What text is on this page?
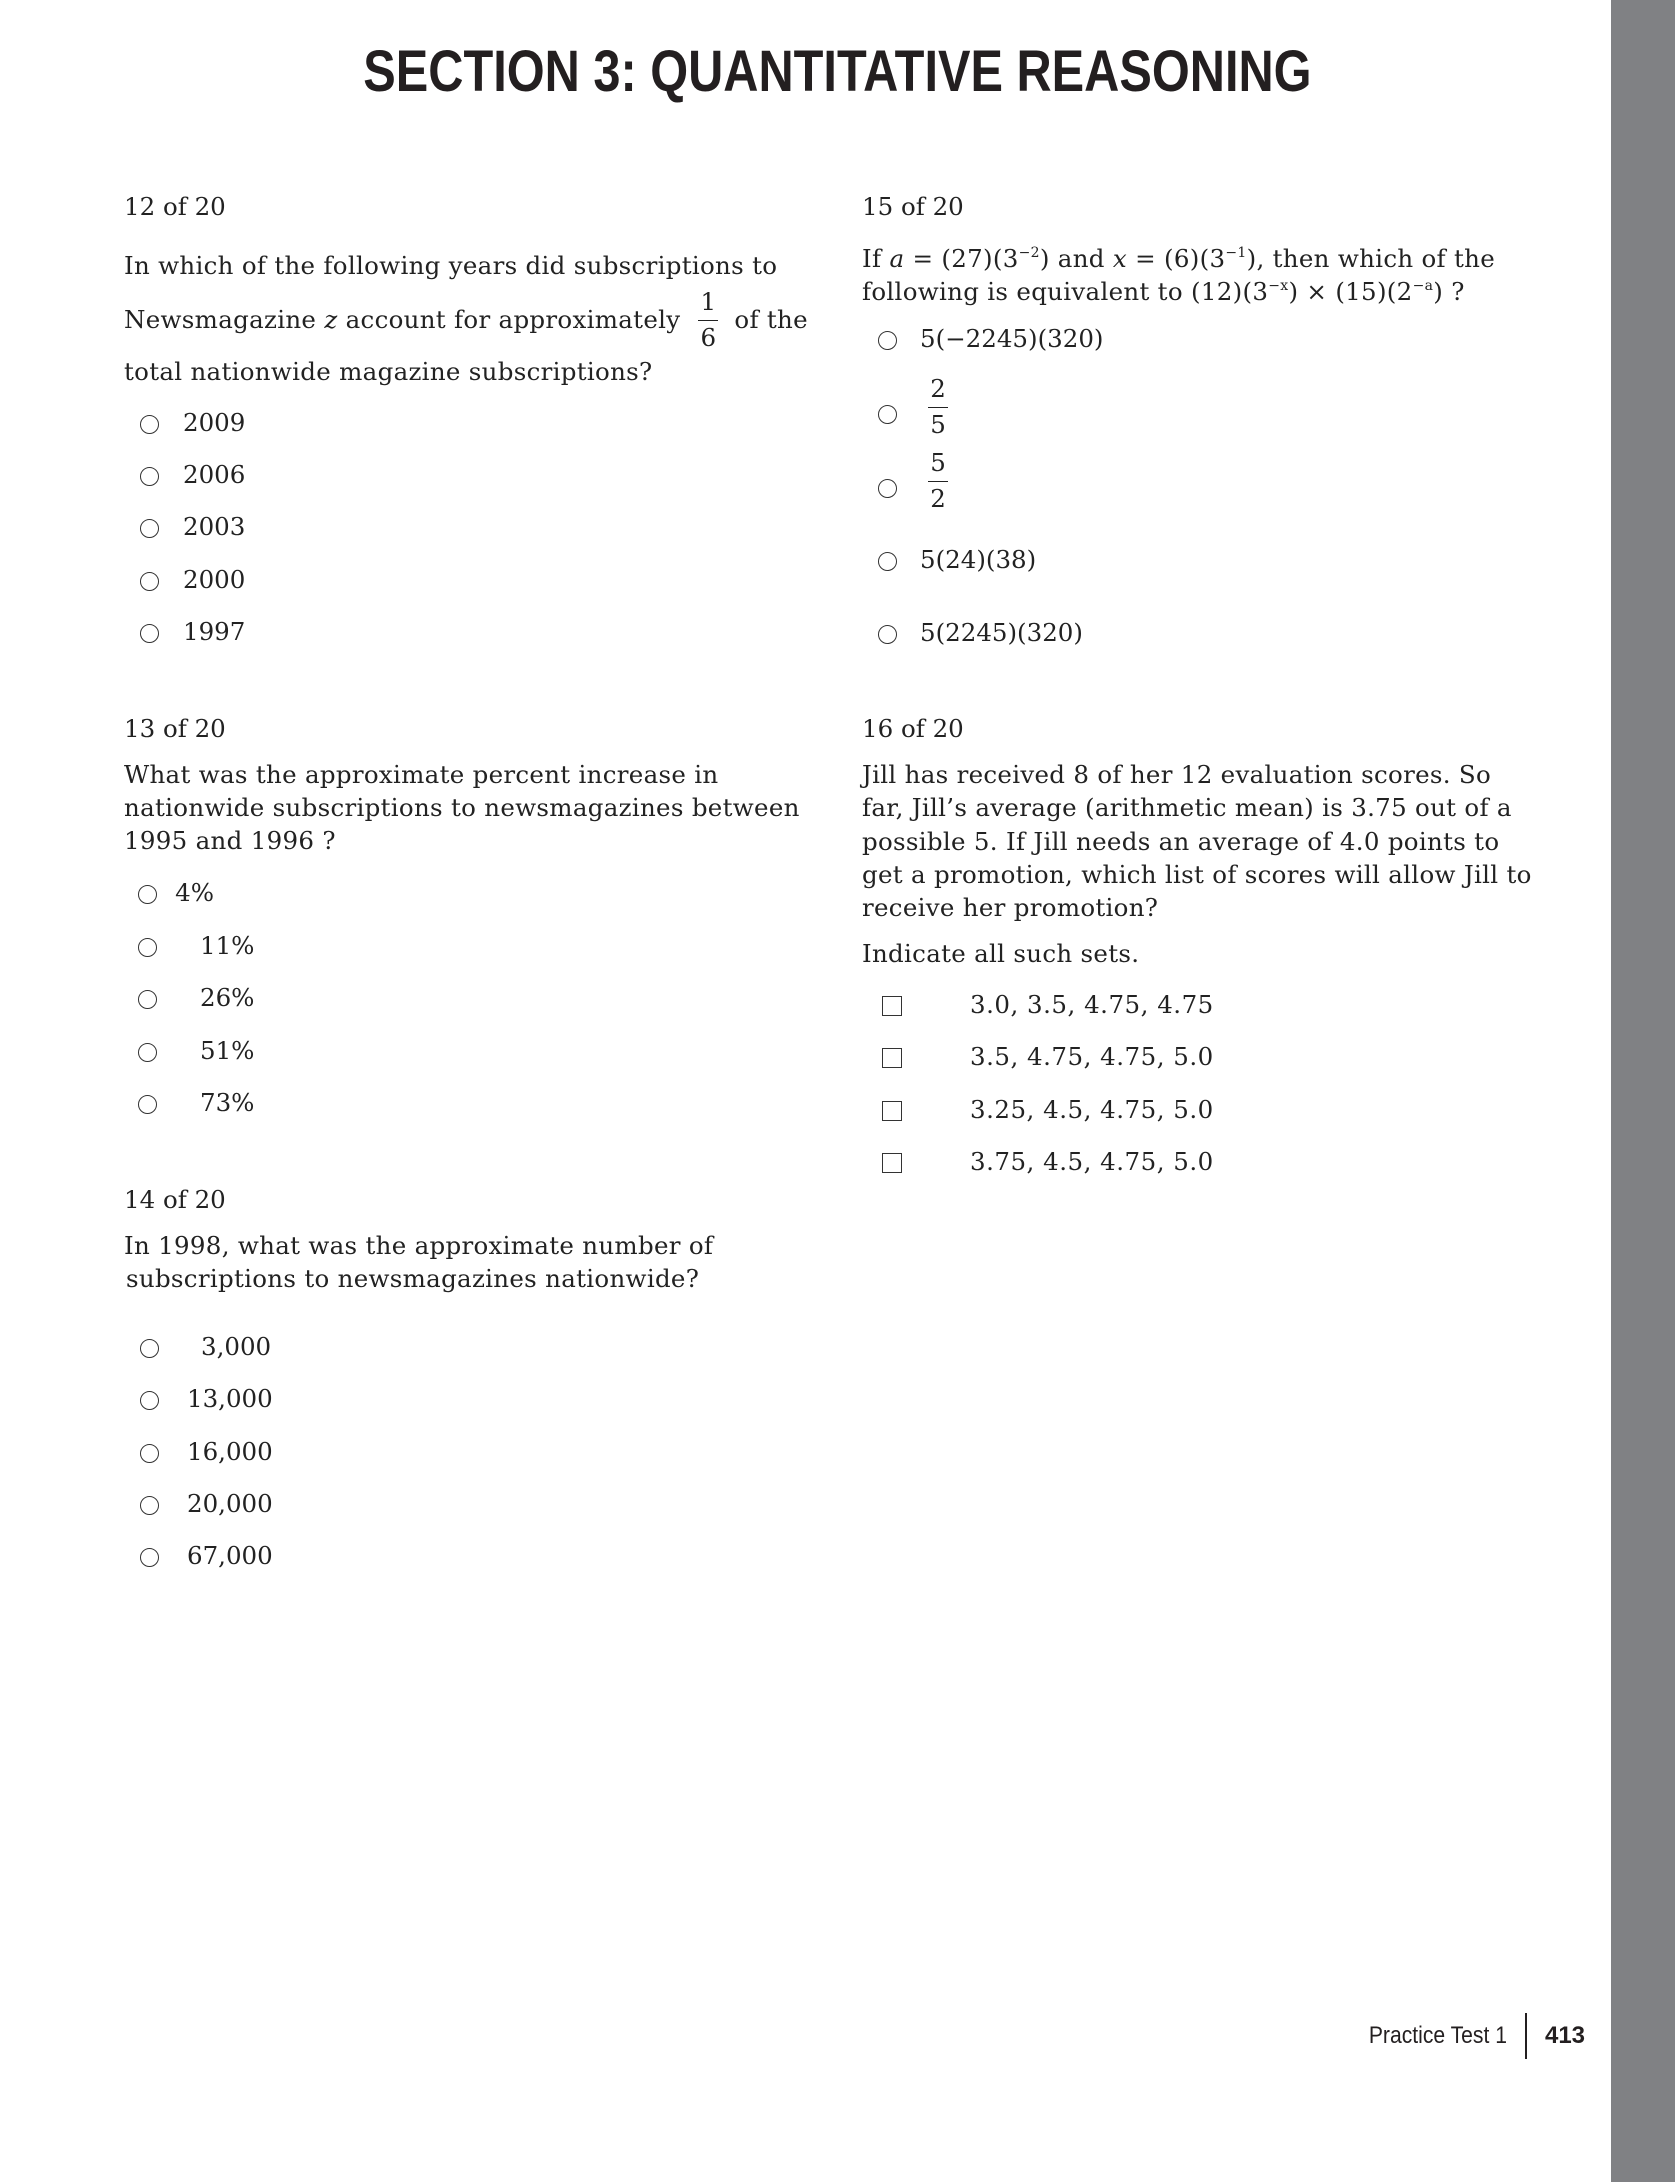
SECTION 3: QUANTITATIVE REASONING
12 of 20
In which of the following years did subscriptions to
Newsmagazine z account for approximately $\frac{1}{6}$ of the
total nationwide magazine subscriptions?
2009
2006
2003
2000
1997
13 of 20
What was the approximate percent increase in
nationwide subscriptions to newsmagazines between
1995 and 1996 ?
4%
11%
26%
51%
73%
14 of 20
In 1998, what was the approximate number of
subscriptions to newsmagazines nationwide?
3,000
13,000
16,000
20,000
67,000
15 of 20
If $a = (27)(3^{-2})$ and $x = (6)(3^{-1})$, then which of the
following is equivalent to $(12)(3^{-x}) \times (15)(2^{-a})$ ?
5(−2245)(320)
2
5
5
2
5(24)(38)
5(2245)(320)
16 of 20
Jill has received 8 of her 12 evaluation scores. So
far, Jill’s average (arithmetic mean) is 3.75 out of a
possible 5. If Jill needs an average of 4.0 points to
get a promotion, which list of scores will allow Jill to
receive her promotion?
Indicate all such sets.
3.0, 3.5, 4.75, 4.75
3.5, 4.75, 4.75, 5.0
3.25, 4.5, 4.75, 5.0
3.75, 4.5, 4.75, 5.0
Practice Test 1 413
